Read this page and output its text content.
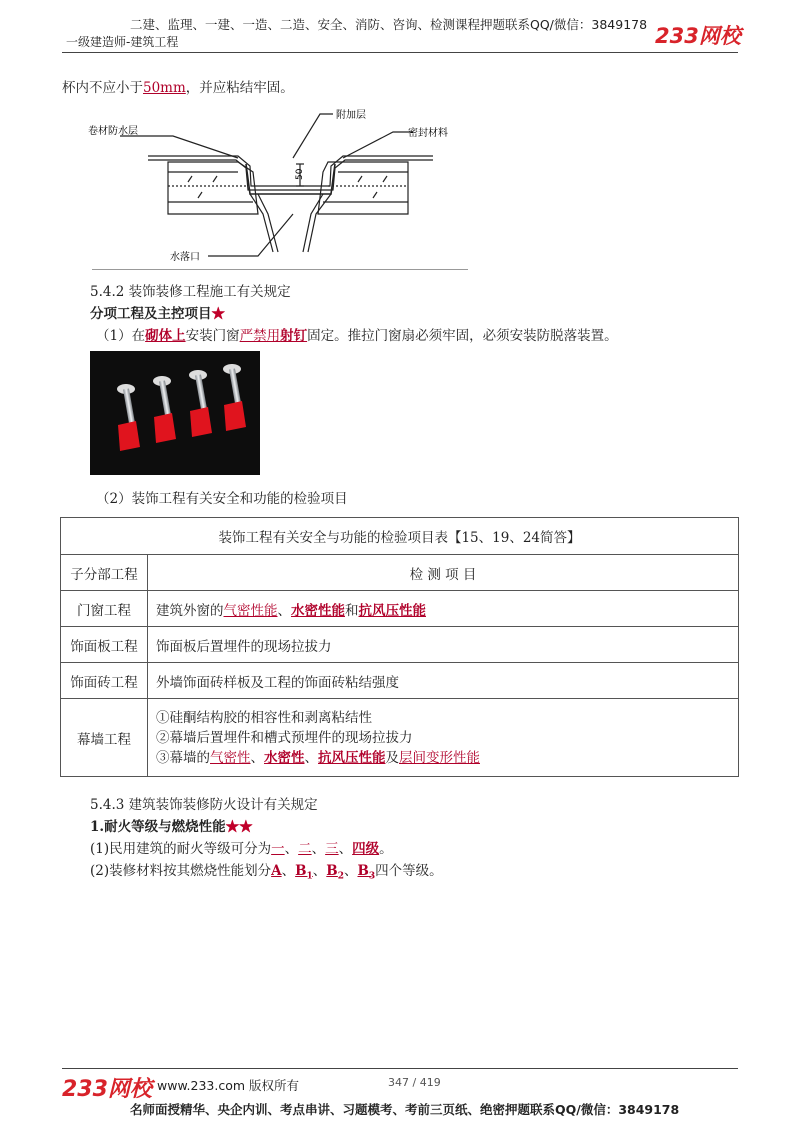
二建、监理、一建、一造、二造、安全、消防、咨询、检测课程押题联系QQ/微信：3849178 233网校
一级建造师-建筑工程
杯内不应小于50mm，并应粘结牢固。
卷材防水层
附加层
密封材料
水落口
50
5.4.2 装饰装修工程施工有关规定
分项工程及主控项目★
（1）在砌体上安装门窗严禁用射钉固定。推拉门窗扇必须牢固，必须安装防脱落装置。
（2）装饰工程有关安全和功能的检验项目
装饰工程有关安全与功能的检验项目表【15、19、24简答】	
子分部工程	检 测 项 目
门窗工程	建筑外窗的气密性能、水密性能和抗风压性能
饰面板工程	饰面板后置埋件的现场拉拔力
饰面砖工程	外墙饰面砖样板及工程的饰面砖粘结强度
幕墙工程	①硅酮结构胶的相容性和剥离粘结性
②幕墙后置埋件和槽式预埋件的现场拉拔力
③幕墙的气密性、水密性、抗风压性能及层间变形性能
5.4.3 建筑装饰装修防火设计有关规定
1.耐火等级与燃烧性能★★
(1)民用建筑的耐火等级可分为一、二、三、四级。
(2)装修材料按其燃烧性能划分A、$B_1$、$B_2$、$B_3$四个等级。
233网校 www.233.com 版权所有	347 / 419
名师面授精华、央企内训、考点串讲、习题模考、考前三页纸、绝密押题联系QQ/微信：3849178
